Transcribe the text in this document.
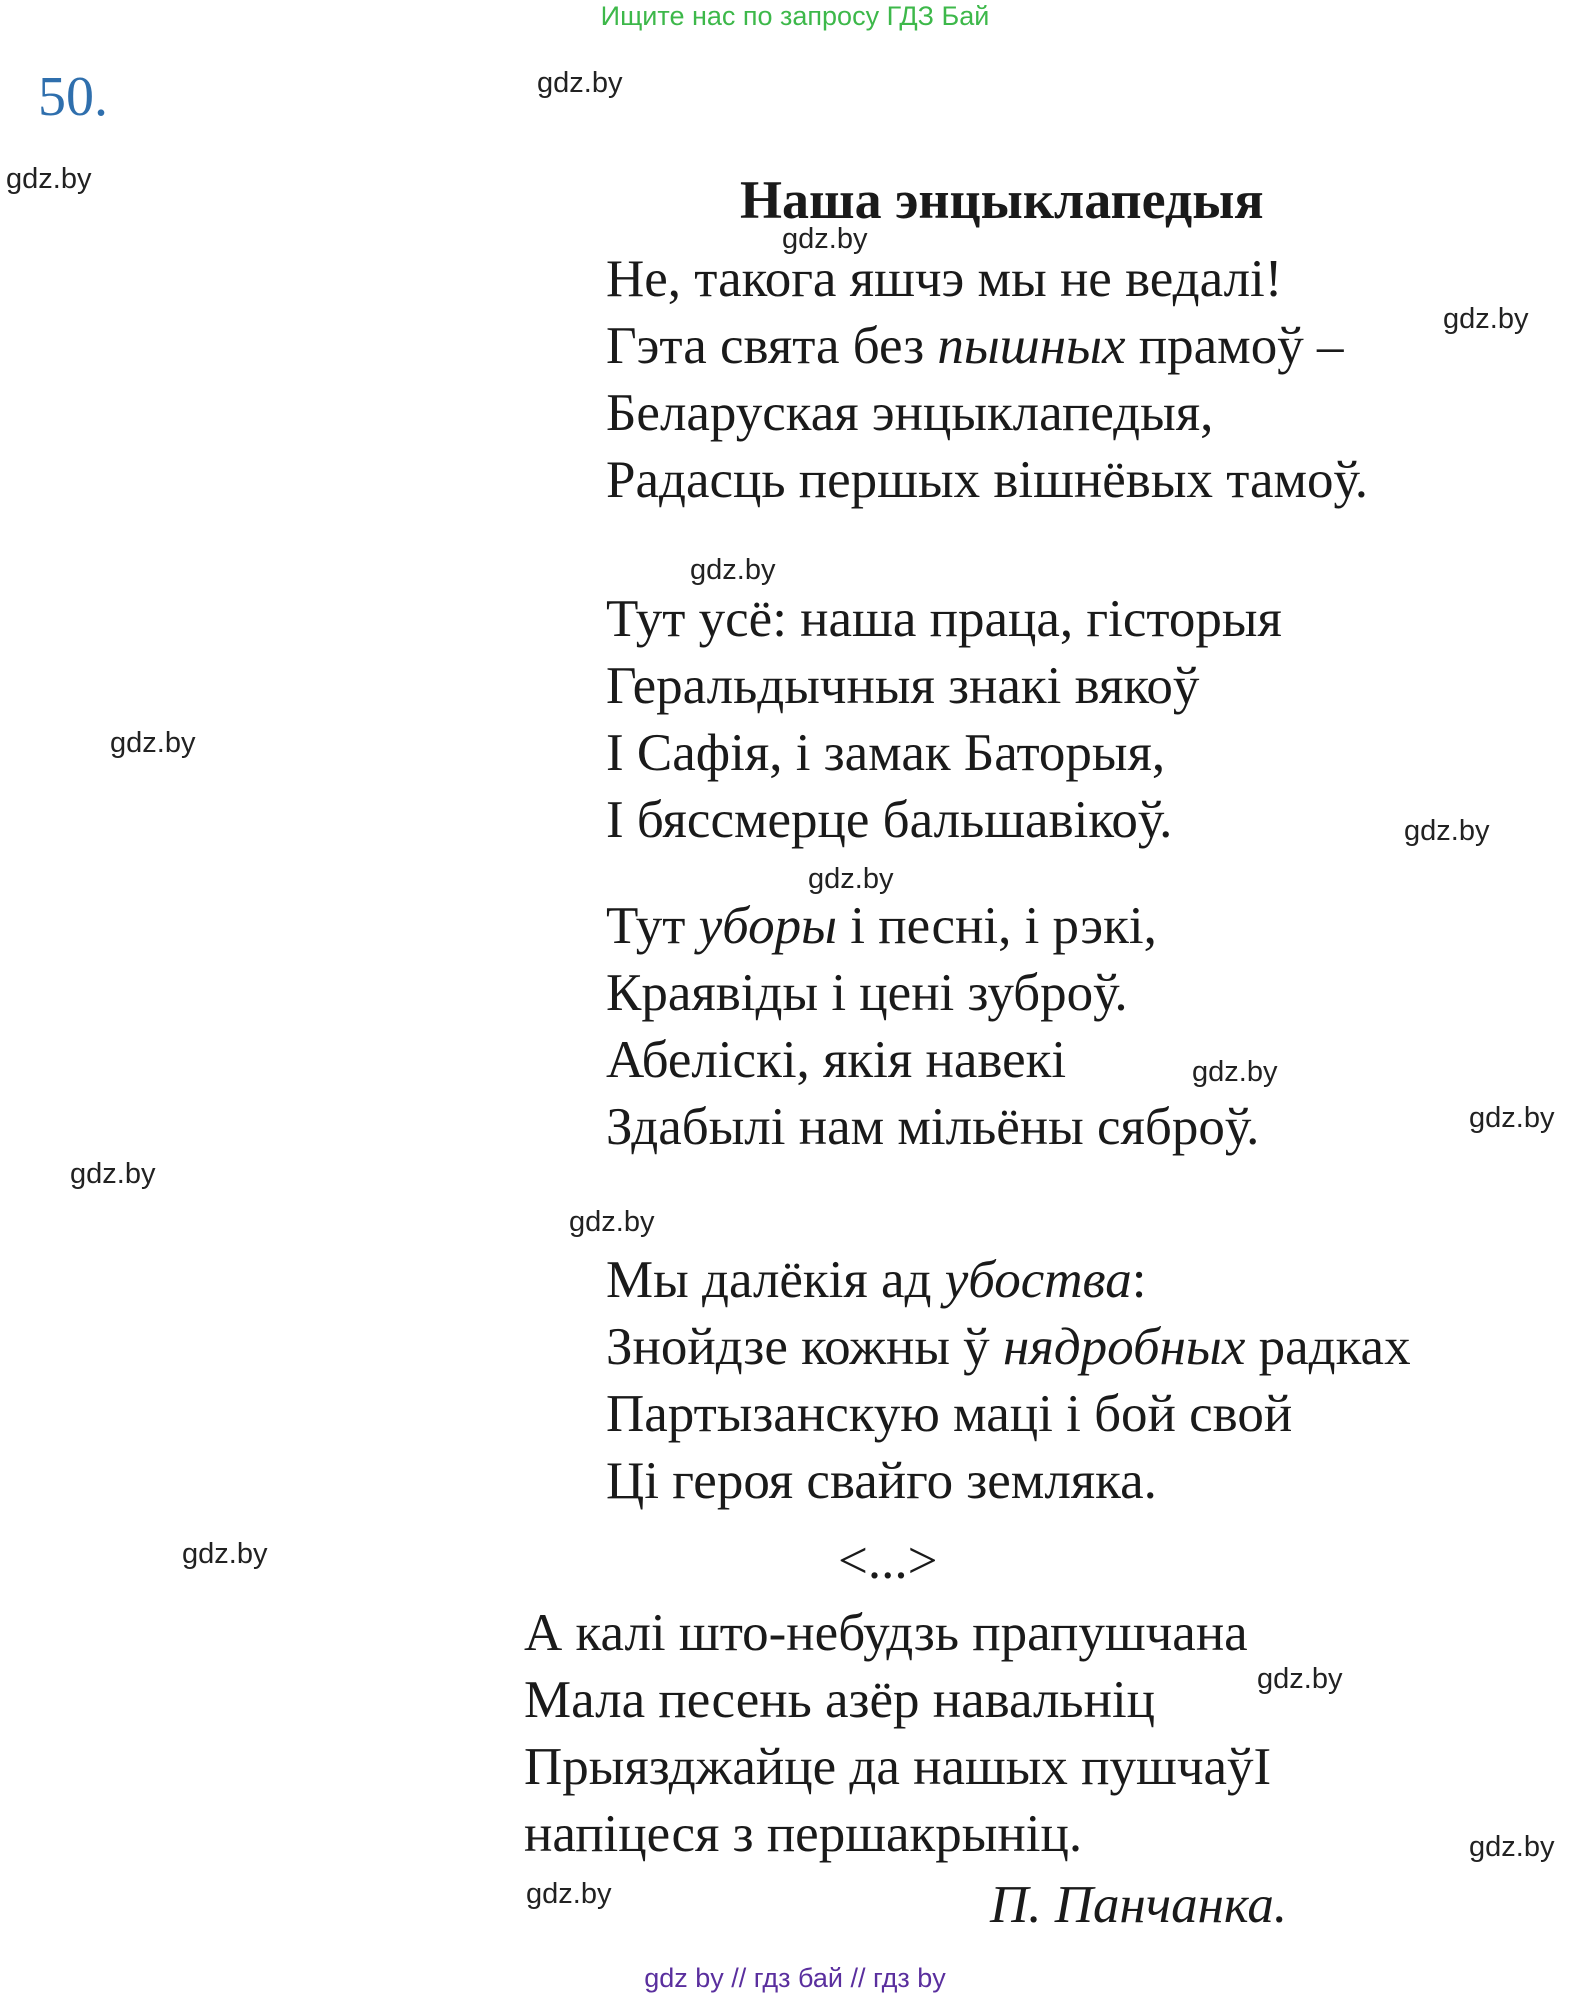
Ищите нас по запросу ГДЗ Бай
50.	gdz.by
gdz.by
gdz.by
gdz.by
gdz.by
gdz.by
gdz.by
gdz.by
gdz.by
gdz.by
gdz.by
gdz.by
gdz.by
gdz.by
gdz.by
gdz.by
Наша энцыклапедыя
Не, такога яшчэ мы не ведалі!
Гэта свята без пышных прамоў –
Беларуская энцыклапедыя,
Радасць першых вішнёвых тамоў.
Тут усё: наша праца, гісторыя
Геральдычныя знакі вякоў
І Сафія, і замак Баторыя,
І бяссмерце бальшавікоў.
Тут уборы і песні, і рэкі,
Краявіды і цені зуброў.
Абеліскі, якія навекі
Здабылі нам мільёны сяброў.
Мы далёкія ад убоства:
Знойдзе кожны ў нядробных радках
Партызанскую маці і бой свой
Ці героя свайго земляка.
А калі што-небудзь прапушчана
Мала песень азёр навальніц
Прыязджайце да нашых пушчаўІ
напіцеся з першакрыніц.
<...>
П. Панчанка.
gdz by // гдз бай // гдз by
